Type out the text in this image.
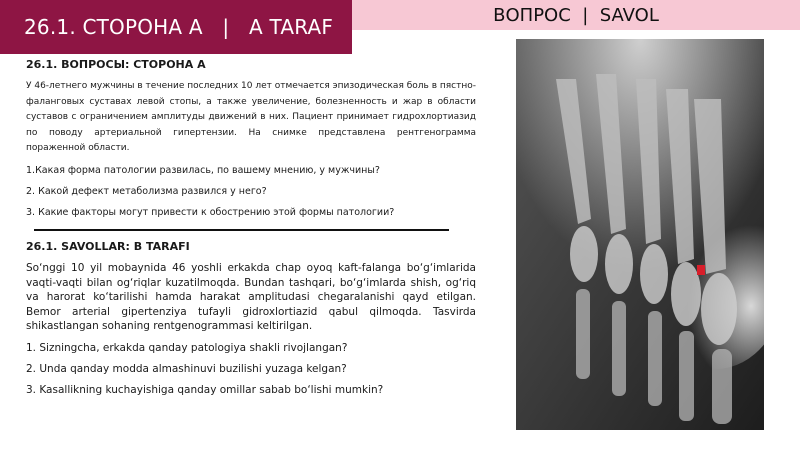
26.1. СТОРОНА А   |   A TARAF	ВОПРОС  |  SAVOL
26.1. ВОПРОСЫ: СТОРОНА А

У 46-летнего мужчины в течение последних 10 лет отмечается эпизодическая боль в пястно-фаланговых суставах левой стопы, а также увеличение, болезненность и жар в области суставов с ограничением амплитуды движений в них. Пациент принимает гидрохлортиазид по поводу артериальной гипертензии. На снимке представлена рентгенограмма пораженной области.

1.Какая форма патологии развилась, по вашему мнению, у мужчины?

2. Какой дефект метаболизма развился у него?

3. Какие факторы могут привести к обострению этой формы патологии?

26.1. SAVOLLAR: B TARAFI

So‘nggi 10 yil mobaynida 46 yoshli erkakda chap oyoq kaft-falanga bo‘g‘imlarida vaqti-vaqti bilan og‘riqlar kuzatilmoqda. Bundan tashqari, bo‘g‘imlarda shish, og‘riq va harorat ko‘tarilishi hamda harakat amplitudasi chegaralanishi qayd etilgan. Bemor arterial gipertenziya tufayli gidroxlortiazid qabul qilmoqda. Tasvirda shikastlangan sohaning rentgenogrammasi keltirilgan.

1. Sizningcha, erkakda qanday patologiya shakli rivojlangan?

2. Unda qanday modda almashinuvi buzilishi yuzaga kelgan?

3. Kasallikning kuchayishiga qanday omillar sabab bo‘lishi mumkin?
